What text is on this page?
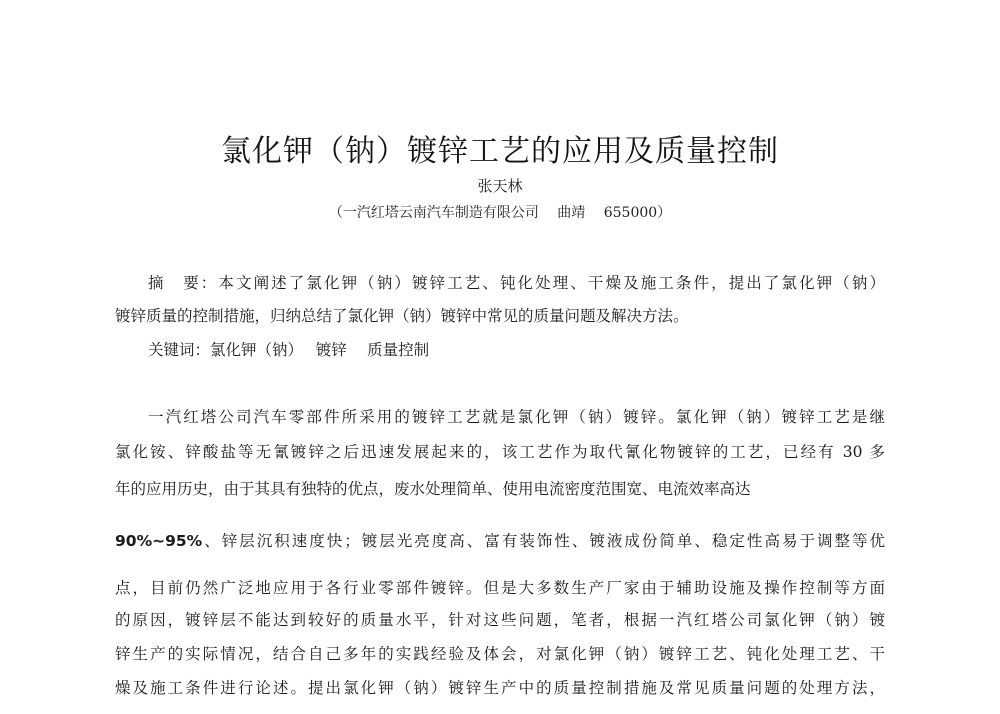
氯化钾（钠）镀锌工艺的应用及质量控制
张天林
（一汽红塔云南汽车制造有限公司　 曲靖　 655000）
摘　要：本文阐述了氯化钾（钠）镀锌工艺、钝化处理、干燥及施工条件，提出了氯化钾（钠）
镀锌质量的控制措施，归纳总结了氯化钾（钠）镀锌中常见的质量问题及解决方法。
关键词：氯化钾（钠）　 镀锌　 质量控制
一汽红塔公司汽车零部件所采用的镀锌工艺就是氯化钾（钠）镀锌。氯化钾（钠）镀锌工艺是继
氯化铵、锌酸盐等无氰镀锌之后迅速发展起来的，该工艺作为取代氰化物镀锌的工艺，已经有 30 多
年的应用历史，由于其具有独特的优点，废水处理简单、使用电流密度范围宽、电流效率高达
90%~95%、锌层沉积速度快；镀层光亮度高、富有装饰性、镀液成份简单、稳定性高易于调整等优
点，目前仍然广泛地应用于各行业零部件镀锌。但是大多数生产厂家由于辅助设施及操作控制等方面
的原因，镀锌层不能达到较好的质量水平，针对这些问题，笔者，根据一汽红塔公司氯化钾（钠）镀
锌生产的实际情况，结合自己多年的实践经验及体会，对氯化钾（钠）镀锌工艺、钝化处理工艺、干
燥及施工条件进行论述。提出氯化钾（钠）镀锌生产中的质量控制措施及常见质量问题的处理方法，
